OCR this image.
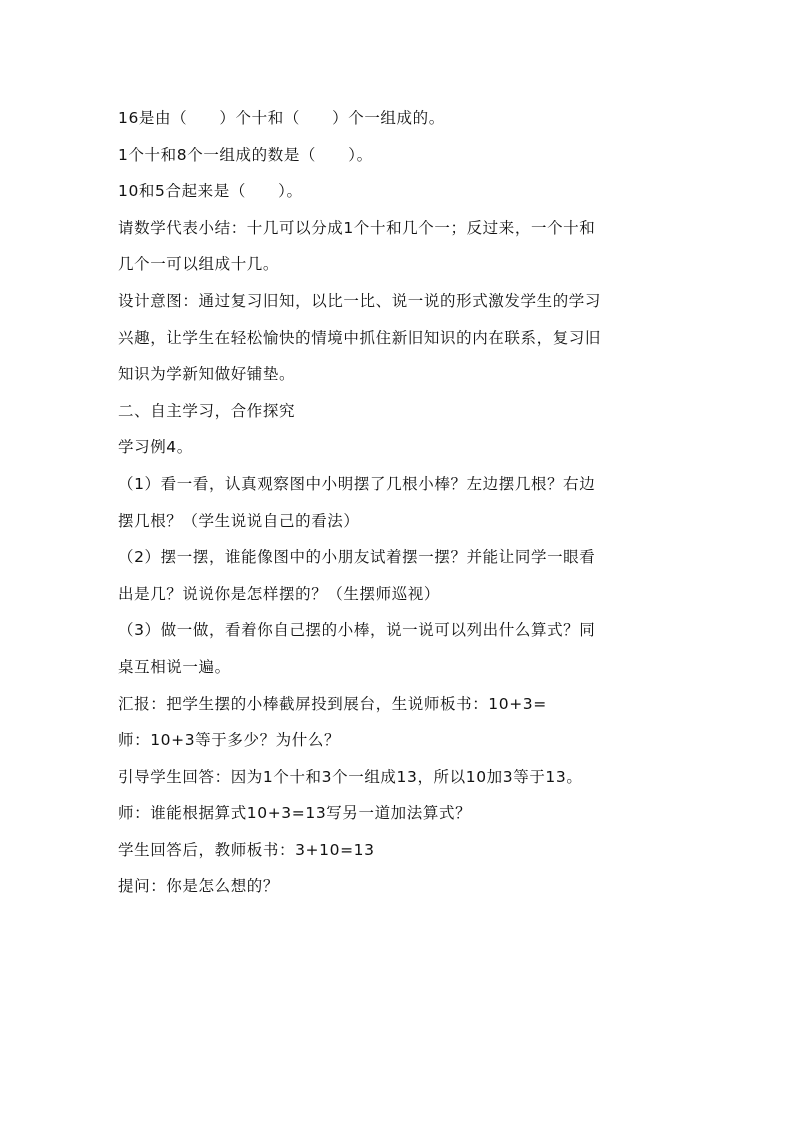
16是由（　　）个十和（　　）个一组成的。
1个十和8个一组成的数是（　　）。
10和5合起来是（　　）。
请数学代表小结：十几可以分成1个十和几个一；反过来，一个十和
几个一可以组成十几。
设计意图：通过复习旧知，以比一比、说一说的形式激发学生的学习
兴趣，让学生在轻松愉快的情境中抓住新旧知识的内在联系，复习旧
知识为学新知做好铺垫。
二、自主学习，合作探究
学习例4。
（1）看一看，认真观察图中小明摆了几根小棒？左边摆几根？右边
摆几根？（学生说说自己的看法）
（2）摆一摆，谁能像图中的小朋友试着摆一摆？并能让同学一眼看
出是几？说说你是怎样摆的？（生摆师巡视）
（3）做一做，看着你自己摆的小棒，说一说可以列出什么算式？同
桌互相说一遍。
汇报：把学生摆的小棒截屏投到展台，生说师板书：10+3=
师：10+3等于多少？为什么？
引导学生回答：因为1个十和3个一组成13，所以10加3等于13。
师：谁能根据算式10+3=13写另一道加法算式？
学生回答后，教师板书：3+10=13
提问：你是怎么想的？
